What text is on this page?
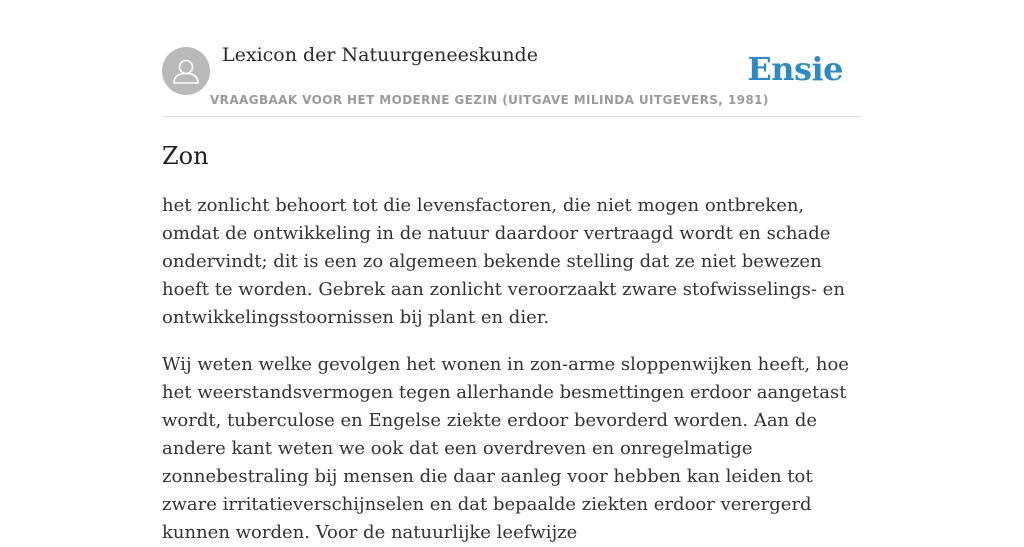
Lexicon der Natuurgeneeskunde
VRAAGBAAK VOOR HET MODERNE GEZIN (UITGAVE MILINDA UITGEVERS, 1981)
Ensie
Zon

het zonlicht behoort tot die levensfactoren, die niet mogen ontbreken, omdat de ontwikkeling in de natuur daardoor vertraagd wordt en schade ondervindt; dit is een zo algemeen bekende stelling dat ze niet bewezen hoeft te worden. Gebrek aan zonlicht veroorzaakt zware stofwisselings- en ontwikkelingsstoornissen bij plant en dier.

Wij weten welke gevolgen het wonen in zon-arme sloppenwijken heeft, hoe het weerstandsvermogen tegen allerhande besmettingen erdoor aangetast wordt, tuberculose en Engelse ziekte erdoor bevorderd worden. Aan de andere kant weten we ook dat een overdreven en onregelmatige zonnebestraling bij mensen die daar aanleg voor hebben kan leiden tot zware irritatieverschijnselen en dat bepaalde ziekten erdoor verergerd kunnen worden. Voor de natuurlijke leefwijze
